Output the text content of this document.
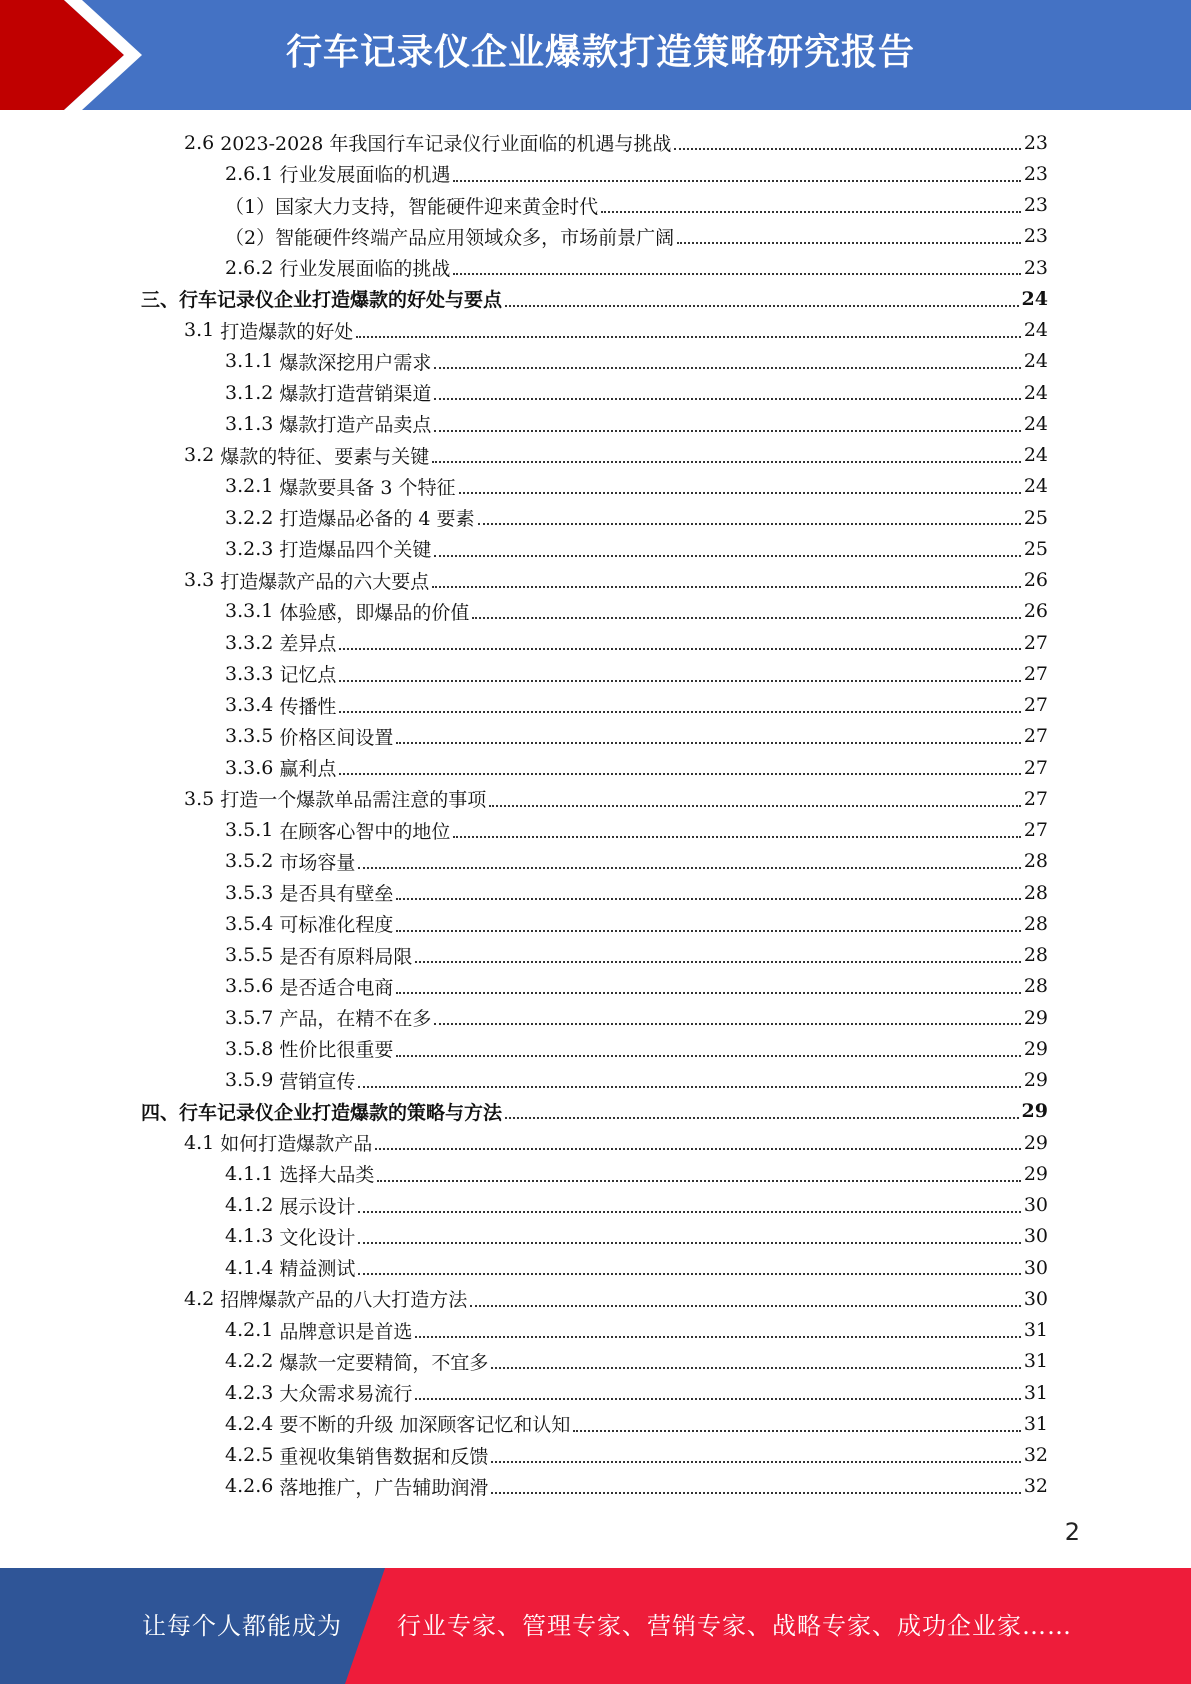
行车记录仪企业爆款打造策略研究报告
2.6 2023-2028 年我国行车记录仪行业面临的机遇与挑战	23
2.6.1 行业发展面临的机遇	23
（1）国家大力支持，智能硬件迎来黄金时代	23
（2）智能硬件终端产品应用领域众多，市场前景广阔	23
2.6.2 行业发展面临的挑战	23
三、 行车记录仪企业打造爆款的好处与要点	24
3.1 打造爆款的好处	24
3.1.1 爆款深挖用户需求	24
3.1.2 爆款打造营销渠道	24
3.1.3 爆款打造产品卖点	24
3.2 爆款的特征、要素与关键	24
3.2.1 爆款要具备 3 个特征	24
3.2.2 打造爆品必备的 4 要素	25
3.2.3 打造爆品四个关键	25
3.3 打造爆款产品的六大要点	26
3.3.1 体验感，即爆品的价值	26
3.3.2 差异点	27
3.3.3 记忆点	27
3.3.4 传播性	27
3.3.5 价格区间设置	27
3.3.6 赢利点	27
3.5 打造一个爆款单品需注意的事项	27
3.5.1 在顾客心智中的地位	27
3.5.2 市场容量	28
3.5.3 是否具有壁垒	28
3.5.4 可标准化程度	28
3.5.5 是否有原料局限	28
3.5.6 是否适合电商	28
3.5.7 产品，在精不在多	29
3.5.8 性价比很重要	29
3.5.9 营销宣传	29
四、 行车记录仪企业打造爆款的策略与方法	29
4.1 如何打造爆款产品	29
4.1.1 选择大品类	29
4.1.2 展示设计	30
4.1.3 文化设计	30
4.1.4 精益测试	30
4.2 招牌爆款产品的八大打造方法	30
4.2.1 品牌意识是首选	31
4.2.2 爆款一定要精简，不宜多	31
4.2.3 大众需求易流行	31
4.2.4 要不断的升级 加深顾客记忆和认知	31
4.2.5 重视收集销售数据和反馈	32
4.2.6 落地推广，广告辅助润滑	32
2
让每个人都能成为 行业专家、管理专家、营销专家、战略专家、成功企业家……
